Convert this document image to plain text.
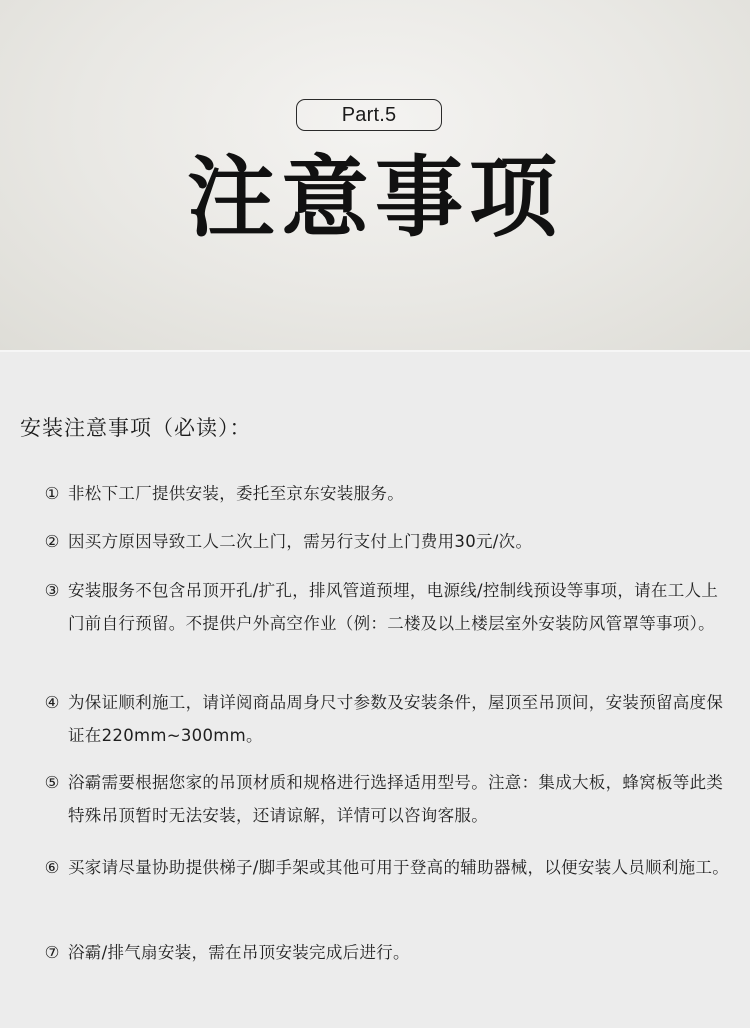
Part.5
注意事项
安装注意事项（必读）：
① 非松下工厂提供安装，委托至京东安装服务。
② 因买方原因导致工人二次上门，需另行支付上门费用30元/次。
③ 安装服务不包含吊顶开孔/扩孔，排风管道预埋，电源线/控制线预设等事项，请在工人上门前自行预留。不提供户外高空作业（例：二楼及以上楼层室外安装防风管罩等事项）。
④ 为保证顺利施工，请详阅商品周身尺寸参数及安装条件，屋顶至吊顶间，安装预留高度保证在220mm~300mm。
⑤ 浴霸需要根据您家的吊顶材质和规格进行选择适用型号。注意：集成大板，蜂窝板等此类特殊吊顶暂时无法安装，还请谅解，详情可以咨询客服。
⑥ 买家请尽量协助提供梯子/脚手架或其他可用于登高的辅助器械，以便安装人员顺利施工。
⑦ 浴霸/排气扇安装，需在吊顶安装完成后进行。
